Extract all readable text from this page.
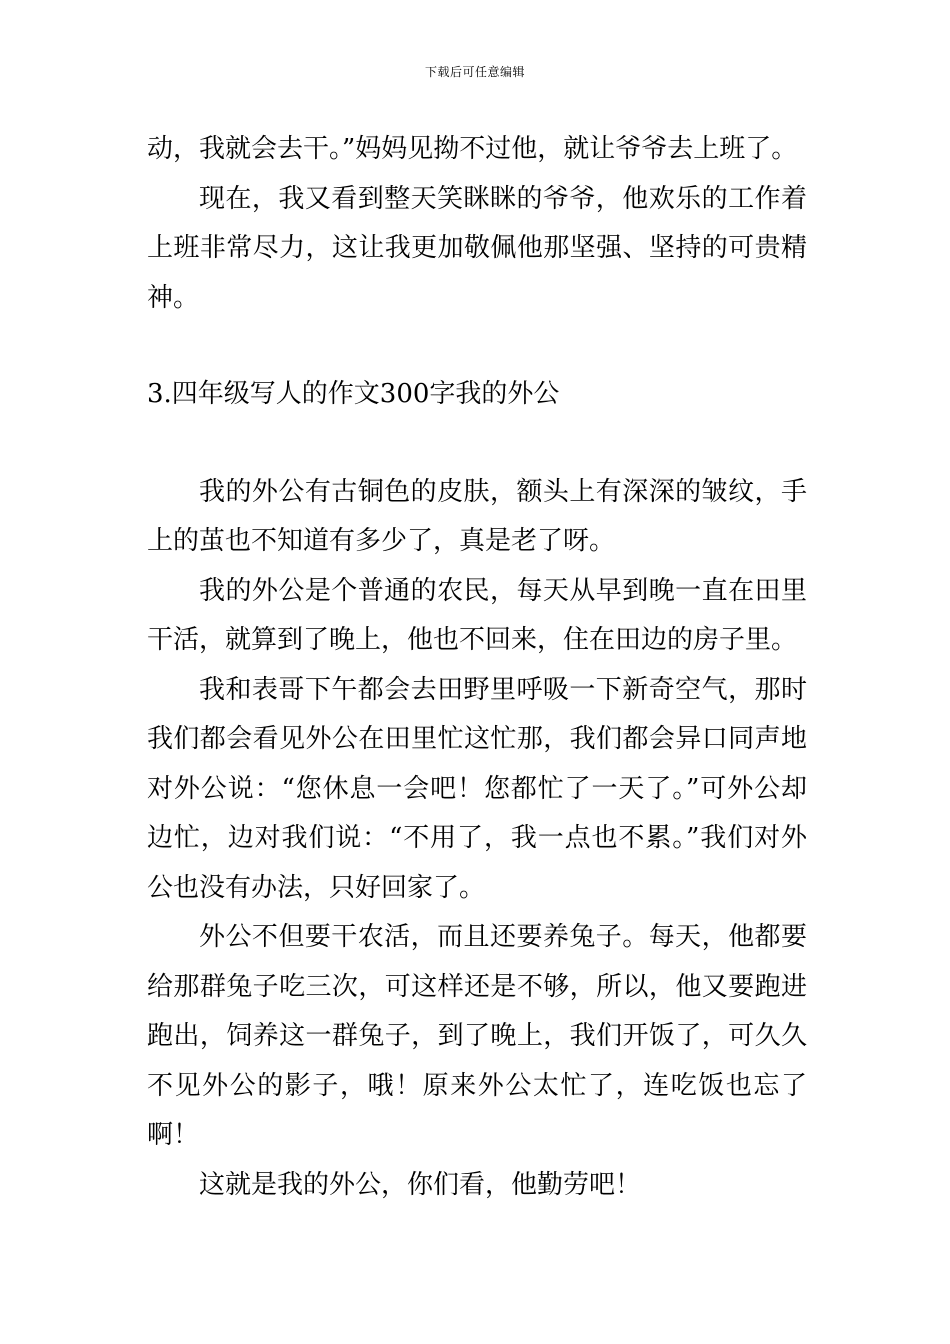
下载后可任意编辑

动，我就会去干。”妈妈见拗不过他，就让爷爷去上班了。

现在，我又看到整天笑眯眯的爷爷，他欢乐的工作着上班非常尽力，这让我更加敬佩他那坚强、坚持的可贵精神。

3.四年级写人的作文300字我的外公

我的外公有古铜色的皮肤，额头上有深深的皱纹，手上的茧也不知道有多少了，真是老了呀。

我的外公是个普通的农民，每天从早到晚一直在田里干活，就算到了晚上，他也不回来，住在田边的房子里。

我和表哥下午都会去田野里呼吸一下新奇空气，那时我们都会看见外公在田里忙这忙那，我们都会异口同声地对外公说：“您休息一会吧！您都忙了一天了。”可外公却边忙，边对我们说：“不用了，我一点也不累。”我们对外公也没有办法，只好回家了。

外公不但要干农活，而且还要养兔子。每天，他都要给那群兔子吃三次，可这样还是不够，所以，他又要跑进跑出，饲养这一群兔子，到了晚上，我们开饭了，可久久不见外公的影子，哦！原来外公太忙了，连吃饭也忘了啊！

这就是我的外公，你们看，他勤劳吧！
